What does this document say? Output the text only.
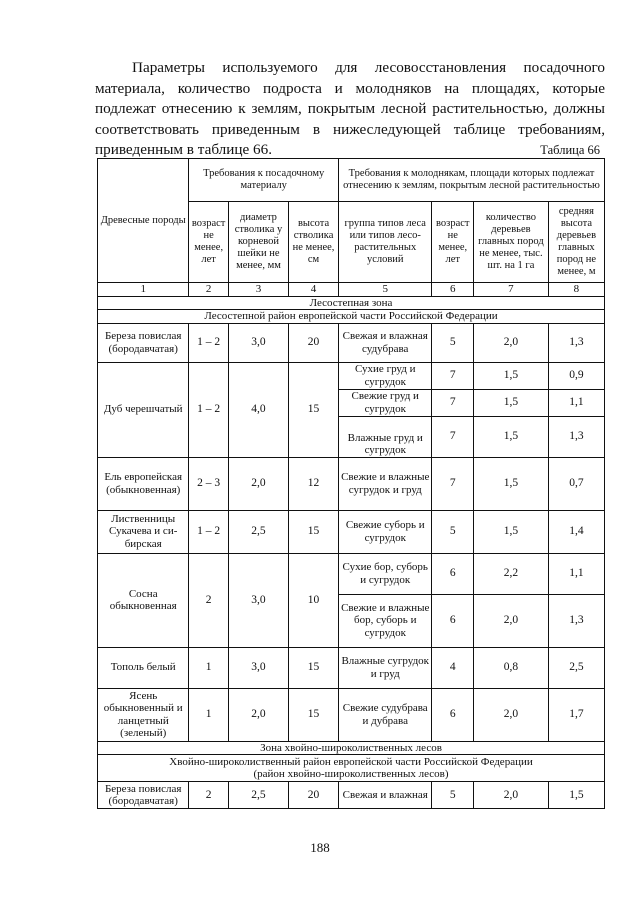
Параметры используемого для лесовосстановления посадочного материала, количество подроста и молодняков на площадях, которые подлежат отнесению к землям, покрытым лесной растительностью, должны соответствовать приведенным в нижеследующей таблице требованиям, приведенным в таблице 66.	Таблица 66
Древесные породы	Требования к посадочному материалу			Требования к молоднякам, площади которых подлежат отнесению к землям, покрытым лесной растительностью			
	возраст не менее, лет	диаметр стволика у корневой шейки не менее, мм	высота стволика не менее, см	группа типов леса или типов лесо-растительных условий	возраст не менее, лет	количество деревьев главных пород не менее, тыс. шт. на 1 га	средняя высота деревьев главных пород не менее, м
1	2	3	4	5	6	7	8
Лесостепная зона							
Лесостепной район европейской части Российской Федерации							
Береза повислая (бородавчатая)	1 – 2	3,0	20	Свежая и влажная судубрава	5	2,0	1,3
Дуб черешчатый	1 – 2	4,0	15	Сухие груд и сугрудок	7	1,5	0,9
				Свежие груд и сугрудок	7	1,5	1,1
				Влажные груд и сугрудок	7	1,5	1,3
Ель европейская (обыкновенная)	2 – 3	2,0	12	Свежие и влажные сугрудок и груд	7	1,5	0,7
Лиственницы Сукачева и си-бирская	1 – 2	2,5	15	Свежие суборь и сугрудок	5	1,5	1,4
Сосна обыкновенная	2	3,0	10	Сухие бор, суборь и сугрудок	6	2,2	1,1
				Свежие и влажные бор, суборь и сугрудок	6	2,0	1,3
Тополь белый	1	3,0	15	Влажные сугрудок и груд	4	0,8	2,5
Ясень обыкновенный и ланцетный (зеленый)	1	2,0	15	Свежие судубрава и дубрава	6	2,0	1,7
Зона хвойно-широколиственных лесов							
Хвойно-широколиственный район европейской части Российской Федерации (район хвойно-широколиственных лесов)							
Береза повислая (бородавчатая)	2	2,5	20	Свежая и влажная	5	2,0	1,5
188
